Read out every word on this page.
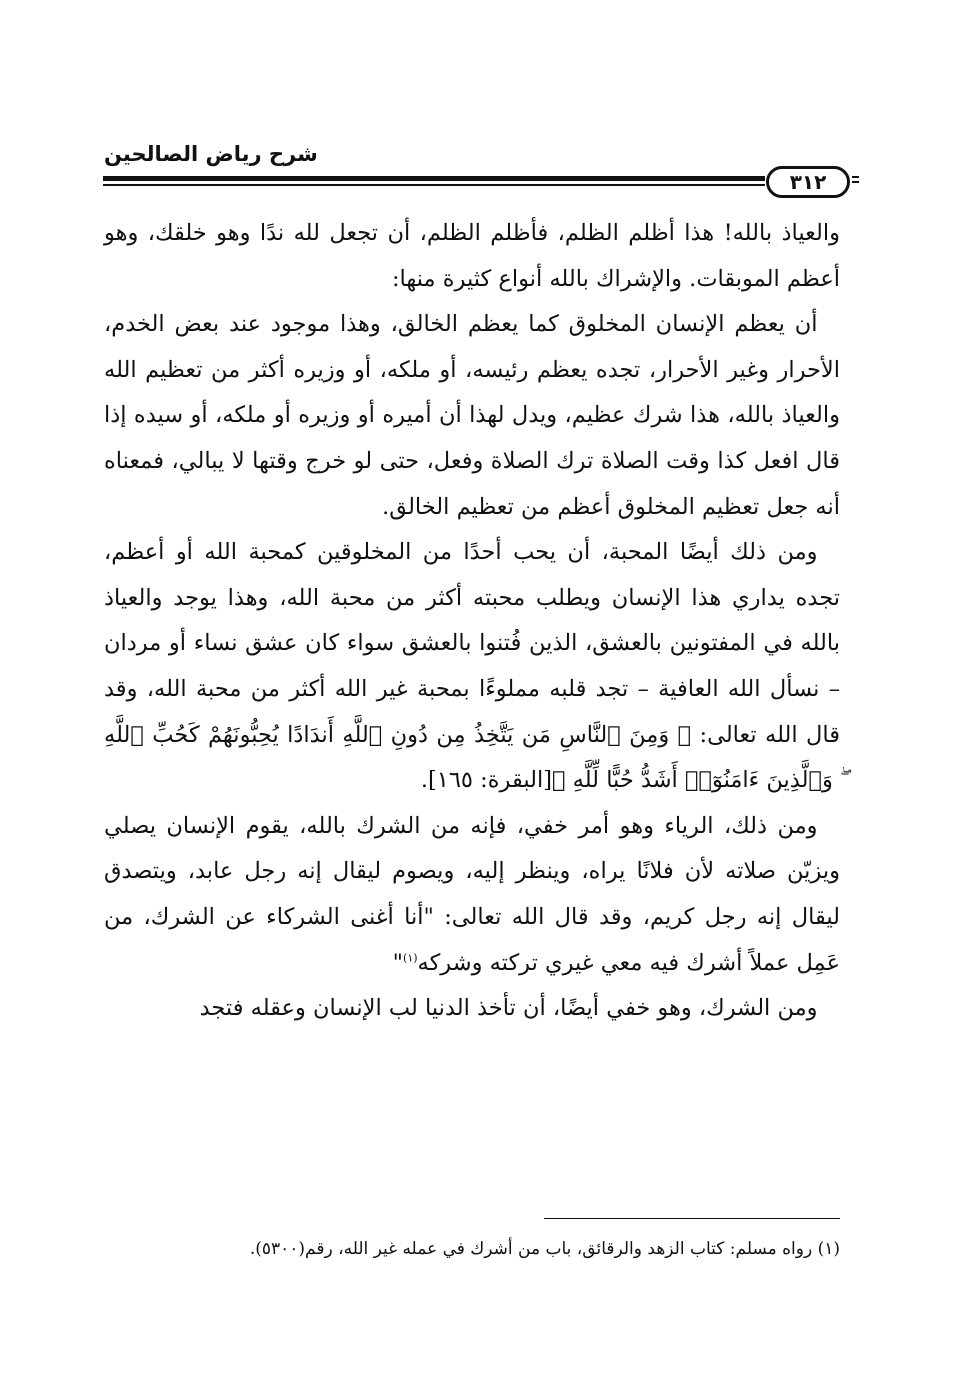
شرح رياض الصالحين
٣١٢

والعياذ بالله! هذا أظلم الظلم، فأظلم الظلم، أن تجعل لله ندًا وهو خلقك، وهو أعظم الموبقات. والإشراك بالله أنواع كثيرة منها:

 أن يعظم الإنسان المخلوق كما يعظم الخالق، وهذا موجود عند بعض الخدم، الأحرار وغير الأحرار، تجده يعظم رئيسه، أو ملكه، أو وزيره أكثر من تعظيم الله والعياذ بالله، هذا شرك عظيم، ويدل لهذا أن أميره أو وزيره أو ملكه، أو سيده إذا قال افعل كذا وقت الصلاة ترك الصلاة وفعل، حتى لو خرج وقتها لا يبالي، فمعناه أنه جعل تعظيم المخلوق أعظم من تعظيم الخالق.

 ومن ذلك أيضًا المحبة، أن يحب أحدًا من المخلوقين كمحبة الله أو أعظم، تجده يداري هذا الإنسان ويطلب محبته أكثر من محبة الله، وهذا يوجد والعياذ بالله في المفتونين بالعشق، الذين فُتنوا بالعشق سواء كان عشق نساء أو مردان – نسأل الله العافية – تجد قلبه مملوءًا بمحبة غير الله أكثر من محبة الله، وقد قال الله تعالى: ﴿ وَمِنَ ٱلنَّاسِ مَن يَتَّخِذُ مِن دُونِ ٱللَّهِ أَندَادًا يُحِبُّونَهُمْ كَحُبِّ ٱللَّهِ ۖ وَٱلَّذِينَ ءَامَنُوٓا۟ أَشَدُّ حُبًّا لِّلَّهِ ﴾[البقرة: ١٦٥].

 ومن ذلك، الرياء وهو أمر خفي، فإنه من الشرك بالله، يقوم الإنسان يصلي ويزيّن صلاته لأن فلانًا يراه، وينظر إليه، ويصوم ليقال إنه رجل عابد، ويتصدق ليقال إنه رجل كريم، وقد قال الله تعالى: "أنا أغنى الشركاء عن الشرك، من عَمِل عملاً أشرك فيه معي غيري تركته وشركه$^{(١)}$"

 ومن الشرك، وهو خفي أيضًا، أن تأخذ الدنيا لب الإنسان وعقله فتجد

(١) رواه مسلم: كتاب الزهد والرقائق، باب من أشرك في عمله غير الله، رقم(٥٣٠٠).
